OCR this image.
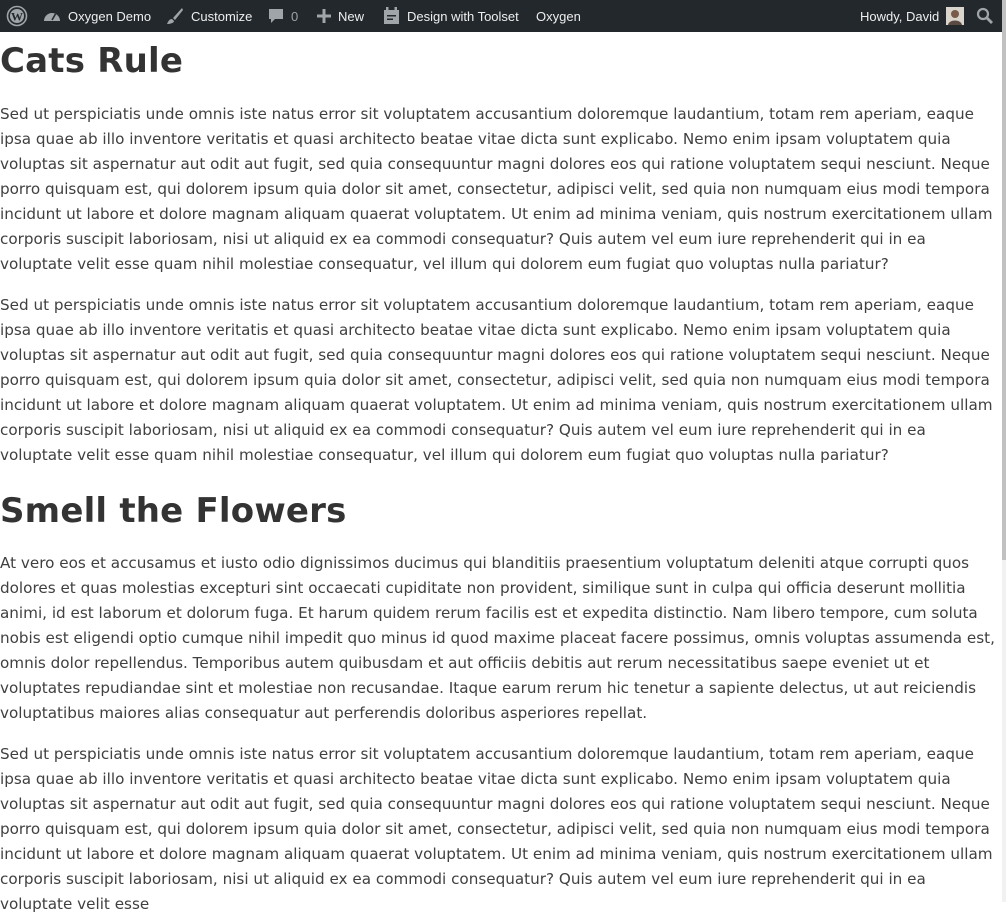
W	Oxygen Demo	Customize	0	New	Design with Toolset Oxygen	Howdy, David
Cats Rule

Sed ut perspiciatis unde omnis iste natus error sit voluptatem accusantium doloremque laudantium, totam rem aperiam, eaque ipsa quae ab illo inventore veritatis et quasi architecto beatae vitae dicta sunt explicabo. Nemo enim ipsam voluptatem quia voluptas sit aspernatur aut odit aut fugit, sed quia consequuntur magni dolores eos qui ratione voluptatem sequi nesciunt. Neque porro quisquam est, qui dolorem ipsum quia dolor sit amet, consectetur, adipisci velit, sed quia non numquam eius modi tempora incidunt ut labore et dolore magnam aliquam quaerat voluptatem. Ut enim ad minima veniam, quis nostrum exercitationem ullam corporis suscipit laboriosam, nisi ut aliquid ex ea commodi consequatur? Quis autem vel eum iure reprehenderit qui in ea voluptate velit esse quam nihil molestiae consequatur, vel illum qui dolorem eum fugiat quo voluptas nulla pariatur?

Sed ut perspiciatis unde omnis iste natus error sit voluptatem accusantium doloremque laudantium, totam rem aperiam, eaque ipsa quae ab illo inventore veritatis et quasi architecto beatae vitae dicta sunt explicabo. Nemo enim ipsam voluptatem quia voluptas sit aspernatur aut odit aut fugit, sed quia consequuntur magni dolores eos qui ratione voluptatem sequi nesciunt. Neque porro quisquam est, qui dolorem ipsum quia dolor sit amet, consectetur, adipisci velit, sed quia non numquam eius modi tempora incidunt ut labore et dolore magnam aliquam quaerat voluptatem. Ut enim ad minima veniam, quis nostrum exercitationem ullam corporis suscipit laboriosam, nisi ut aliquid ex ea commodi consequatur? Quis autem vel eum iure reprehenderit qui in ea voluptate velit esse quam nihil molestiae consequatur, vel illum qui dolorem eum fugiat quo voluptas nulla pariatur?

Smell the Flowers

At vero eos et accusamus et iusto odio dignissimos ducimus qui blanditiis praesentium voluptatum deleniti atque corrupti quos dolores et quas molestias excepturi sint occaecati cupiditate non provident, similique sunt in culpa qui officia deserunt mollitia animi, id est laborum et dolorum fuga. Et harum quidem rerum facilis est et expedita distinctio. Nam libero tempore, cum soluta nobis est eligendi optio cumque nihil impedit quo minus id quod maxime placeat facere possimus, omnis voluptas assumenda est, omnis dolor repellendus. Temporibus autem quibusdam et aut officiis debitis aut rerum necessitatibus saepe eveniet ut et voluptates repudiandae sint et molestiae non recusandae. Itaque earum rerum hic tenetur a sapiente delectus, ut aut reiciendis voluptatibus maiores alias consequatur aut perferendis doloribus asperiores repellat.

Sed ut perspiciatis unde omnis iste natus error sit voluptatem accusantium doloremque laudantium, totam rem aperiam, eaque ipsa quae ab illo inventore veritatis et quasi architecto beatae vitae dicta sunt explicabo. Nemo enim ipsam voluptatem quia voluptas sit aspernatur aut odit aut fugit, sed quia consequuntur magni dolores eos qui ratione voluptatem sequi nesciunt. Neque porro quisquam est, qui dolorem ipsum quia dolor sit amet, consectetur, adipisci velit, sed quia non numquam eius modi tempora incidunt ut labore et dolore magnam aliquam quaerat voluptatem. Ut enim ad minima veniam, quis nostrum exercitationem ullam corporis suscipit laboriosam, nisi ut aliquid ex ea commodi consequatur? Quis autem vel eum iure reprehenderit qui in ea voluptate velit esse
